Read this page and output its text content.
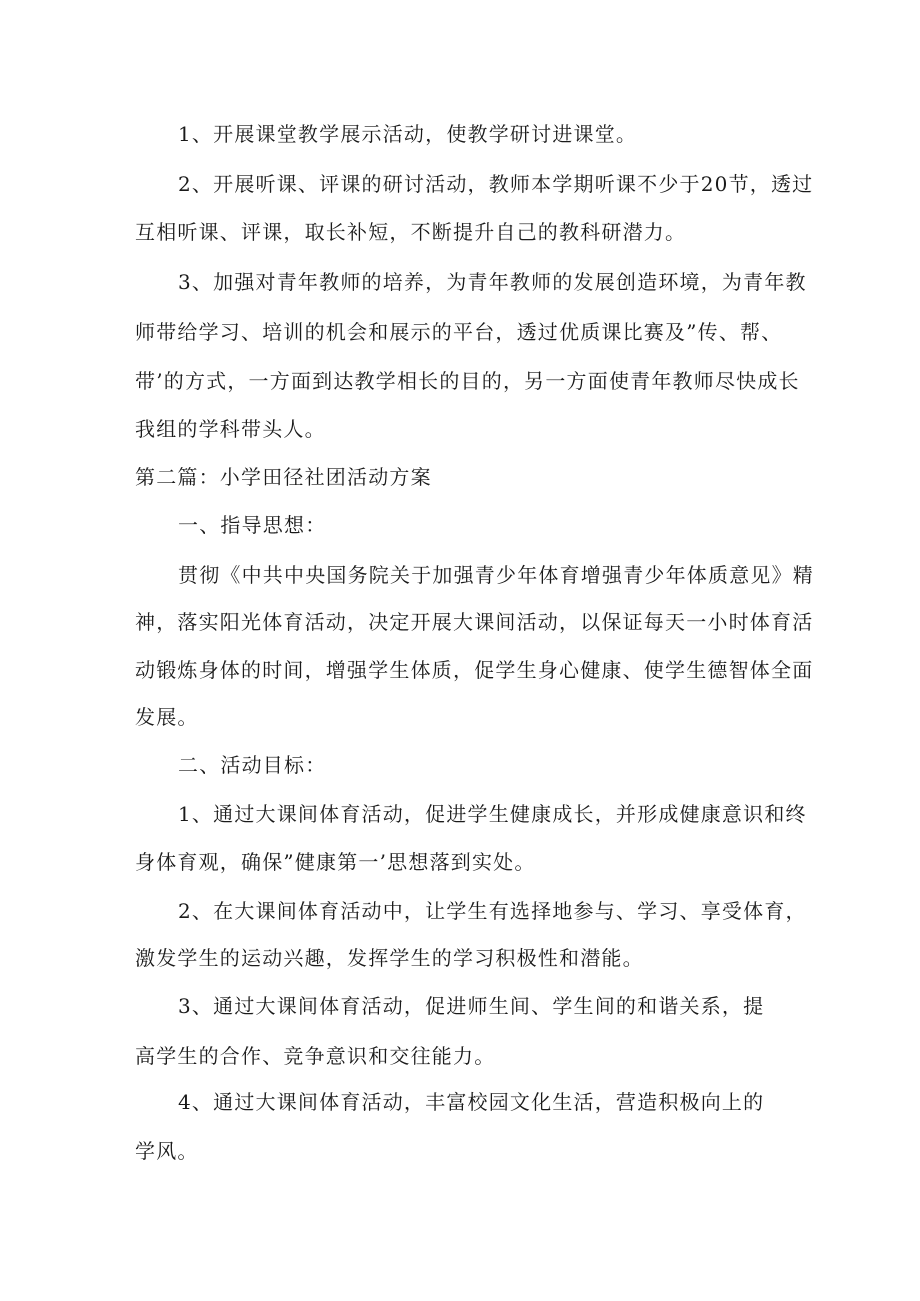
1、开展课堂教学展示活动，使教学研讨进课堂。
2、开展听课、评课的研讨活动，教师本学期听课不少于20节，透过
互相听课、评课，取长补短，不断提升自己的教科研潜力。
3、加强对青年教师的培养，为青年教师的发展创造环境，为青年教
师带给学习、培训的机会和展示的平台，透过优质课比赛及”传、帮、
带’的方式，一方面到达教学相长的目的，另一方面使青年教师尽快成长
我组的学科带头人。
第二篇：小学田径社团活动方案
一、指导思想：
贯彻《中共中央国务院关于加强青少年体育增强青少年体质意见》精
神，落实阳光体育活动，决定开展大课间活动，以保证每天一小时体育活
动锻炼身体的时间，增强学生体质，促学生身心健康、使学生德智体全面
发展。
二、活动目标：
1、通过大课间体育活动，促进学生健康成长，并形成健康意识和终
身体育观，确保”健康第一’思想落到实处。
2、在大课间体育活动中，让学生有选择地参与、学习、享受体育，
激发学生的运动兴趣，发挥学生的学习积极性和潜能。
3、通过大课间体育活动，促进师生间、学生间的和谐关系，提
高学生的合作、竞争意识和交往能力。
4、通过大课间体育活动，丰富校园文化生活，营造积极向上的
学风。
